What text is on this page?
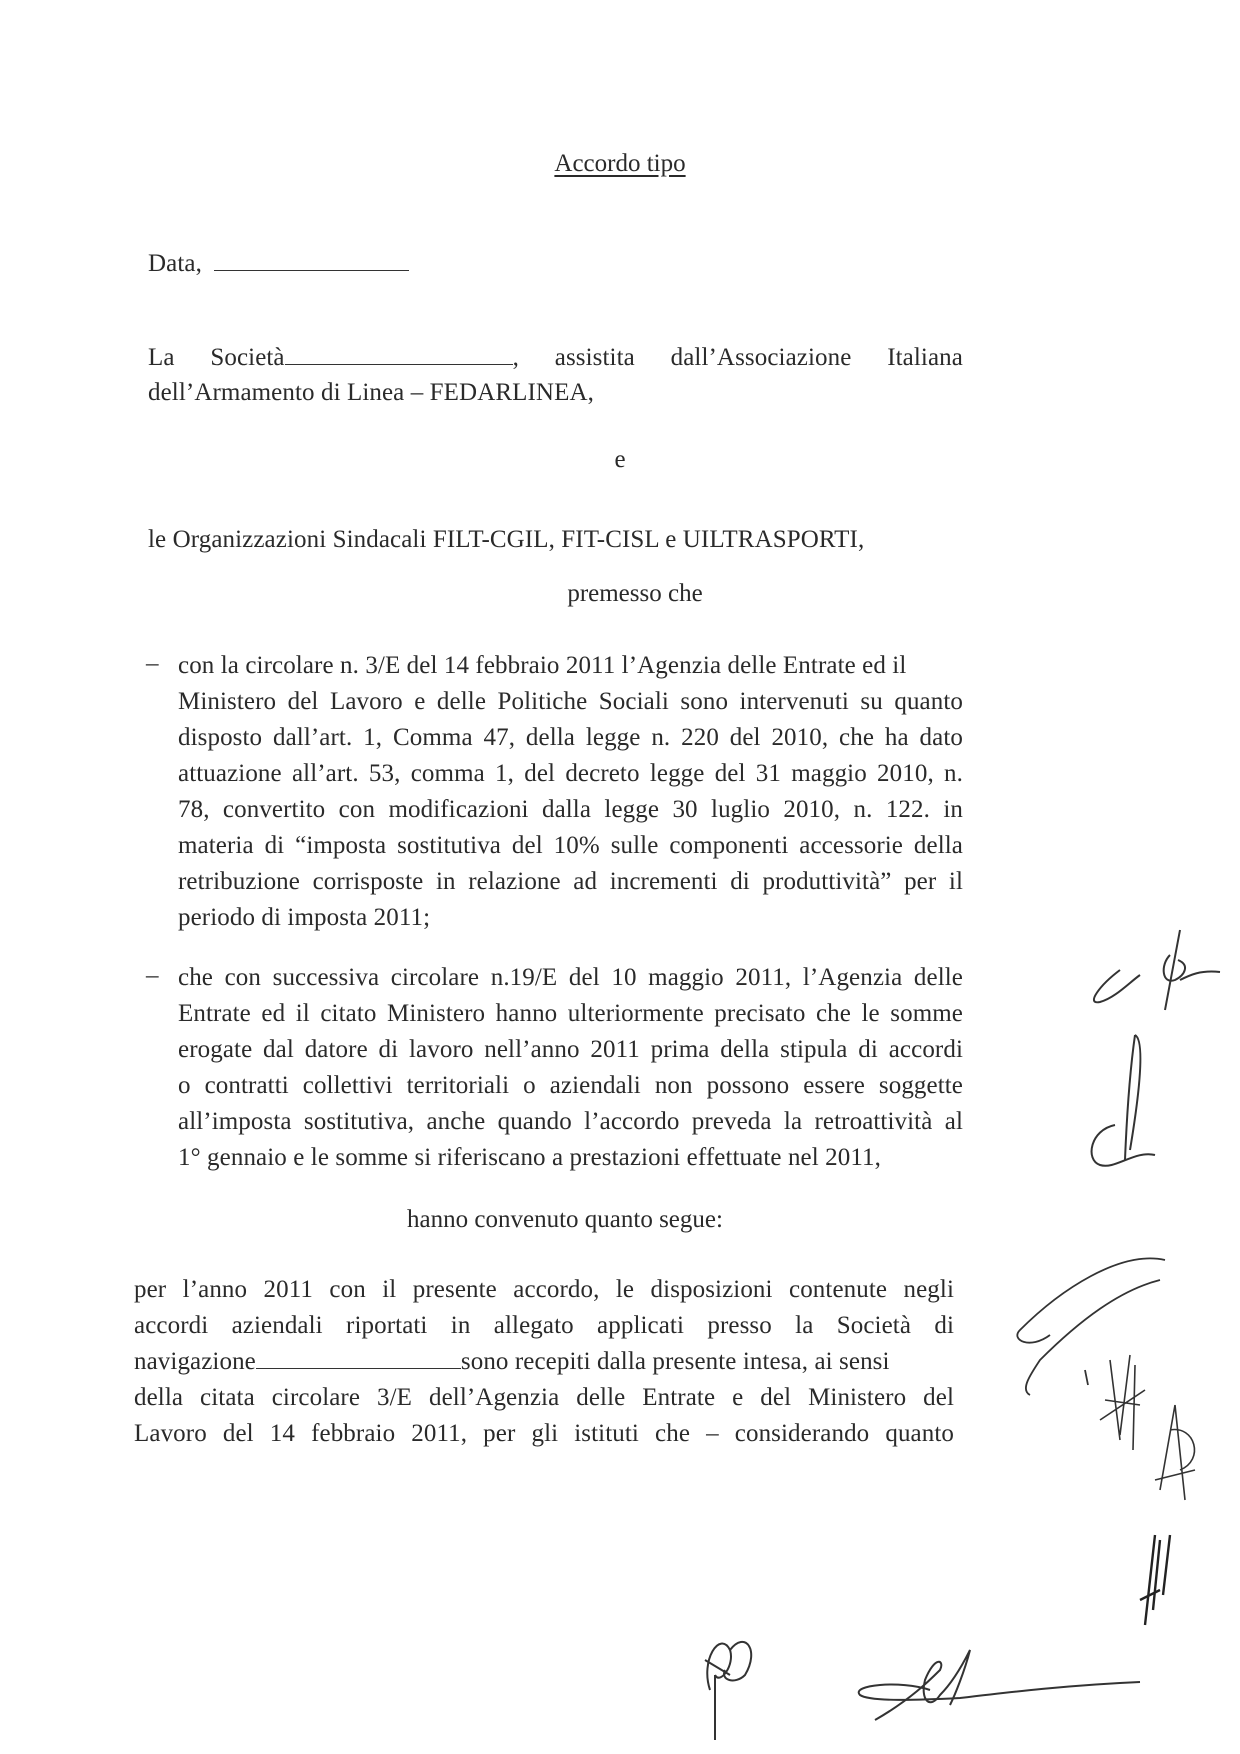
Accordo tipo
Data,
La Società	, assistita dall’Associazione Italiana
dell’Armamento di Linea – FEDARLINEA,
e
le Organizzazioni Sindacali FILT-CGIL, FIT-CISL e UILTRASPORTI,
premesso che
– con la circolare n. 3/E del 14 febbraio 2011 l’Agenzia delle Entrate ed il
Ministero del Lavoro e delle Politiche Sociali sono intervenuti su quanto
disposto dall’art. 1, Comma 47, della legge n. 220 del 2010, che ha dato
attuazione all’art. 53, comma 1, del decreto legge del 31 maggio 2010, n.
78, convertito con modificazioni dalla legge 30 luglio 2010, n. 122. in
materia di “imposta sostitutiva del 10% sulle componenti accessorie della
retribuzione corrisposte in relazione ad incrementi di produttività” per il
periodo di imposta 2011;
– che con successiva circolare n.19/E del 10 maggio 2011, l’Agenzia delle
Entrate ed il citato Ministero hanno ulteriormente precisato che le somme
erogate dal datore di lavoro nell’anno 2011 prima della stipula di accordi
o contratti collettivi territoriali o aziendali non possono essere soggette
all’imposta sostitutiva, anche quando l’accordo preveda la retroattività al
1° gennaio e le somme si riferiscano a prestazioni effettuate nel 2011,
hanno convenuto quanto segue:
per l’anno 2011 con il presente accordo, le disposizioni contenute negli
accordi aziendali riportati in allegato applicati presso la Società di
navigazione	sono recepiti dalla presente intesa, ai sensi
della citata circolare 3/E dell’Agenzia delle Entrate e del Ministero del
Lavoro del 14 febbraio 2011, per gli istituti che – considerando quanto
